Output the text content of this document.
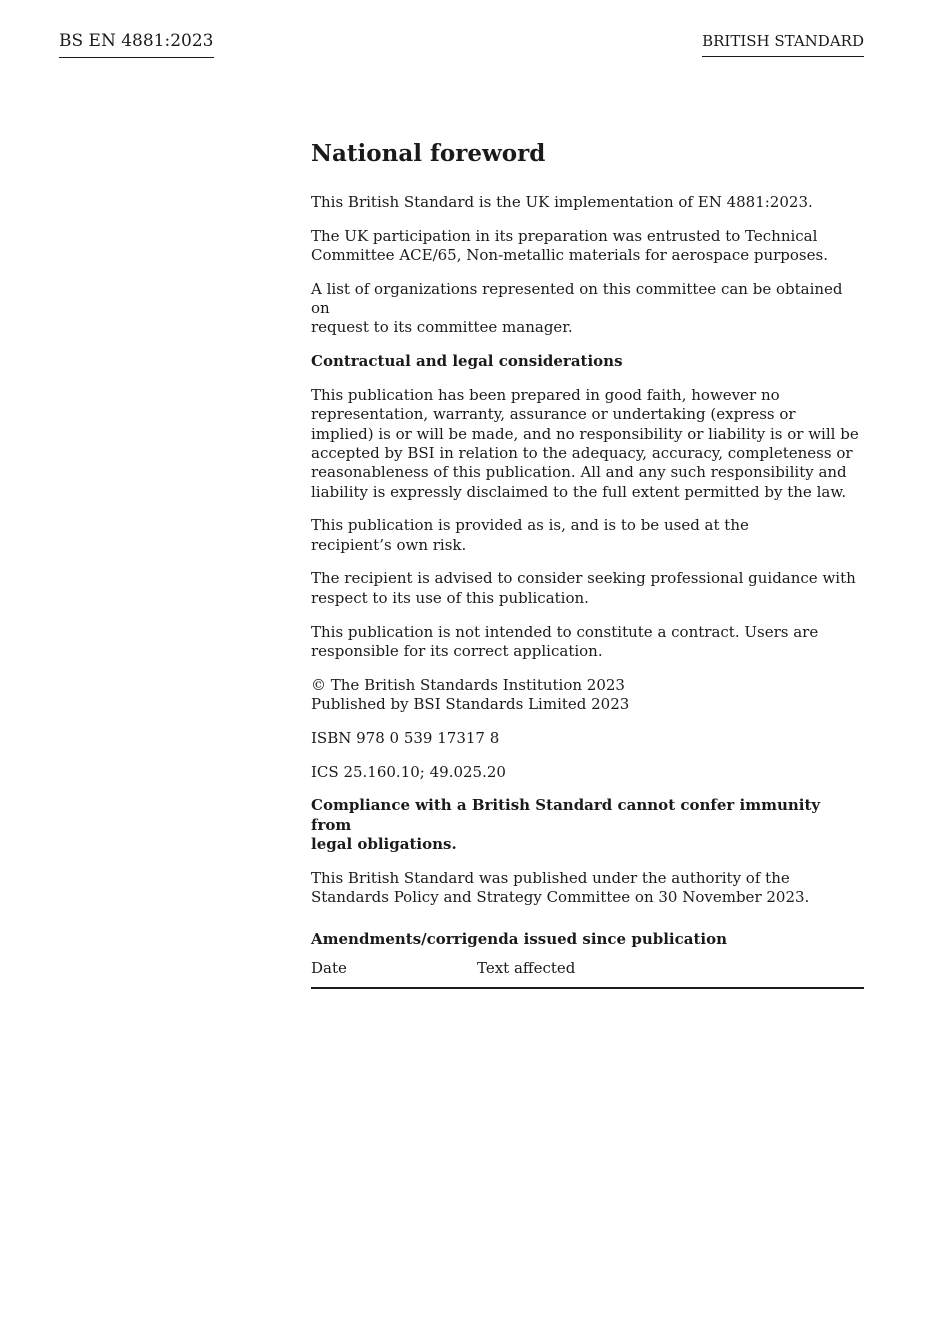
BS EN 4881:2023	BRITISH STANDARD
National foreword

This British Standard is the UK implementation of EN 4881:2023.

The UK participation in its preparation was entrusted to Technical
Committee ACE/65, Non-metallic materials for aerospace purposes.

A list of organizations represented on this committee can be obtained on
request to its committee manager.

Contractual and legal considerations

This publication has been prepared in good faith, however no
representation, warranty, assurance or undertaking (express or
implied) is or will be made, and no responsibility or liability is or will be
accepted by BSI in relation to the adequacy, accuracy, completeness or
reasonableness of this publication. All and any such responsibility and
liability is expressly disclaimed to the full extent permitted by the law.

This publication is provided as is, and is to be used at the
recipient’s own risk.

The recipient is advised to consider seeking professional guidance with
respect to its use of this publication.

This publication is not intended to constitute a contract. Users are
responsible for its correct application.

© The British Standards Institution 2023
Published by BSI Standards Limited 2023

ISBN 978 0 539 17317 8

ICS 25.160.10; 49.025.20

Compliance with a British Standard cannot confer immunity from
legal obligations.

This British Standard was published under the authority of the
Standards Policy and Strategy Committee on 30 November 2023.

Amendments/corrigenda issued since publication
Date	Text affected
